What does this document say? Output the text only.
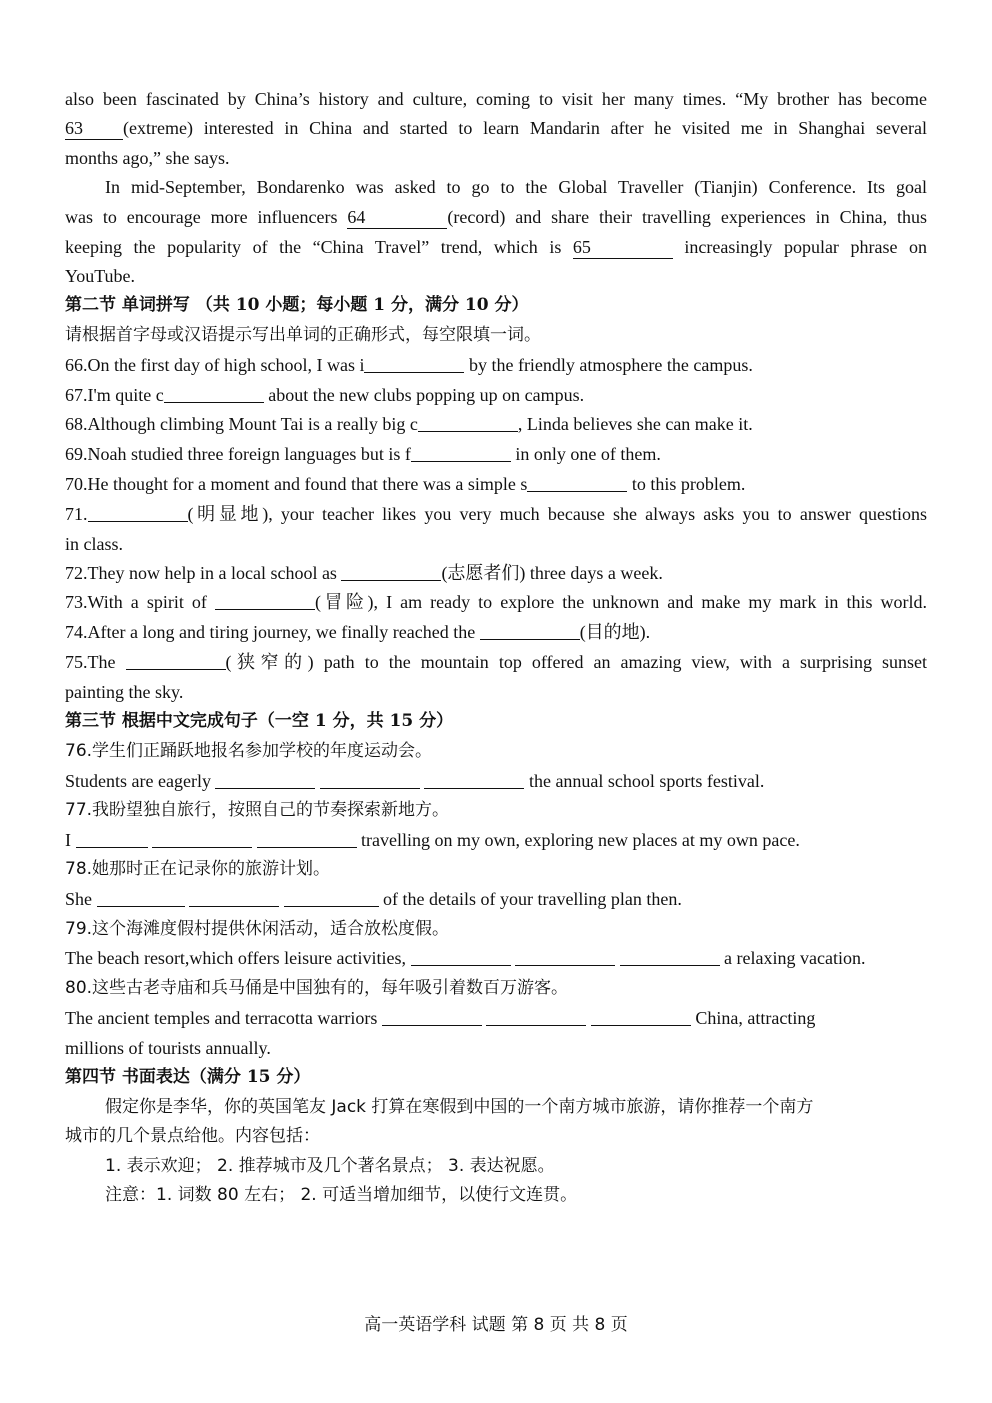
also been fascinated by China’s history and culture, coming to visit her many times. “My brother has become
63 (extreme) interested in China and started to learn Mandarin after he visited me in Shanghai several
months ago,” she says.
In mid-September, Bondarenko was asked to go to the Global Traveller (Tianjin) Conference. Its goal
was to encourage more influencers 64	(record) and share their travelling experiences in China, thus
keeping the popularity of the “China Travel” trend, which is 65	increasingly popular phrase on
YouTube.
第二节 单词拼写 （共 10 小题；每小题 1 分，满分 10 分）
请根据首字母或汉语提示写出单词的正确形式，每空限填一词。
66.On the first day of high school, I was i	by the friendly atmosphere the campus.
67.I'm quite c	about the new clubs popping up on campus.
68.Although climbing Mount Tai is a really big c	, Linda believes she can make it.
69.Noah studied three foreign languages but is f	in only one of them.
70.He thought for a moment and found that there was a simple s	to this problem.
71.	(明显地), your teacher likes you very much because she always asks you to answer questions
in class.
72.They now help in a local school as	(志愿者们) three days a week.
73.With a spirit of	(冒险), I am ready to explore the unknown and make my mark in this world.
74.After a long and tiring journey, we finally reached the	(目的地).
75.The	(狭窄的) path to the mountain top offered an amazing view, with a surprising sunset
painting the sky.
第三节 根据中文完成句子（一空 1 分，共 15 分）
76.学生们正踊跃地报名参加学校的年度运动会。
Students are eagerly	the annual school sports festival.
77.我盼望独自旅行，按照自己的节奏探索新地方。
I	travelling on my own, exploring new places at my own pace.
78.她那时正在记录你的旅游计划。
She	of the details of your travelling plan then.
79.这个海滩度假村提供休闲活动，适合放松度假。
The beach resort,which offers leisure activities,	a relaxing vacation.
80.这些古老寺庙和兵马俑是中国独有的，每年吸引着数百万游客。
The ancient temples and terracotta warriors	China, attracting
millions of tourists annually.
第四节 书面表达（满分 15 分）
假定你是李华，你的英国笔友 Jack 打算在寒假到中国的一个南方城市旅游，请你推荐一个南方
城市的几个景点给他。内容包括：
1. 表示欢迎； 2. 推荐城市及几个著名景点； 3. 表达祝愿。
注意：1. 词数 80 左右； 2. 可适当增加细节，以使行文连贯。
高一英语学科 试题 第 8 页 共 8 页
